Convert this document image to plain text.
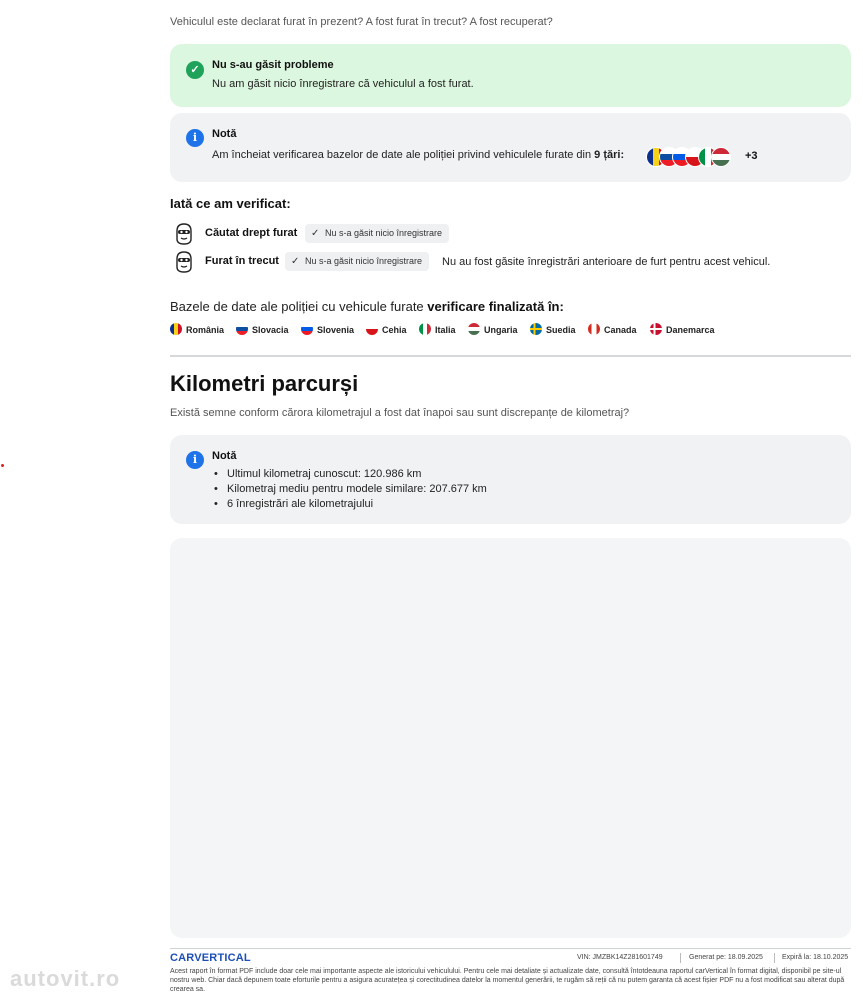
Vehiculul este declarat furat în prezent? A fost furat în trecut? A fost recuperat?
✓	Nu s-au găsit probleme
Nu am găsit nicio înregistrare că vehiculul a fost furat.
i	Notă
Am încheiat verificarea bazelor de date ale poliției privind vehiculele furate din 9 țări:	+3
Iată ce am verificat:
Căutat drept furat ✓ Nu s-a găsit nicio înregistrare
Furat în trecut ✓ Nu s-a găsit nicio înregistrare	Nu au fost găsite înregistrări anterioare de furt pentru acest vehicul.
Bazele de date ale poliției cu vehicule furate verificare finalizată în:
România	Slovacia	Slovenia	Cehia	Italia	Ungaria	Suedia	Canada	Danemarca
Kilometri parcurși
Există semne conform cărora kilometrajul a fost dat înapoi sau sunt discrepanțe de kilometraj?
i	Notă
• Ultimul kilometraj cunoscut: 120.986 km
• Kilometraj mediu pentru modele similare: 207.677 km
• 6 înregistrări ale kilometrajului
CARVERTICAL	VIN: JMZBK14Z281601749	Generat pe: 18.09.2025	Expiră la: 18.10.2025
Acest raport în format PDF include doar cele mai importante aspecte ale istoricului vehiculului. Pentru cele mai detaliate și actualizate date, consultă întotdeauna raportul carVertical în format digital, disponibil pe site-ul nostru web. Chiar dacă depunem toate eforturile pentru a asigura acuratețea și corectitudinea datelor la momentul generării, te rugăm să reții că nu putem garanta că acest fișier PDF nu a fost modificat sau alterat după crearea sa.
autovit.ro
